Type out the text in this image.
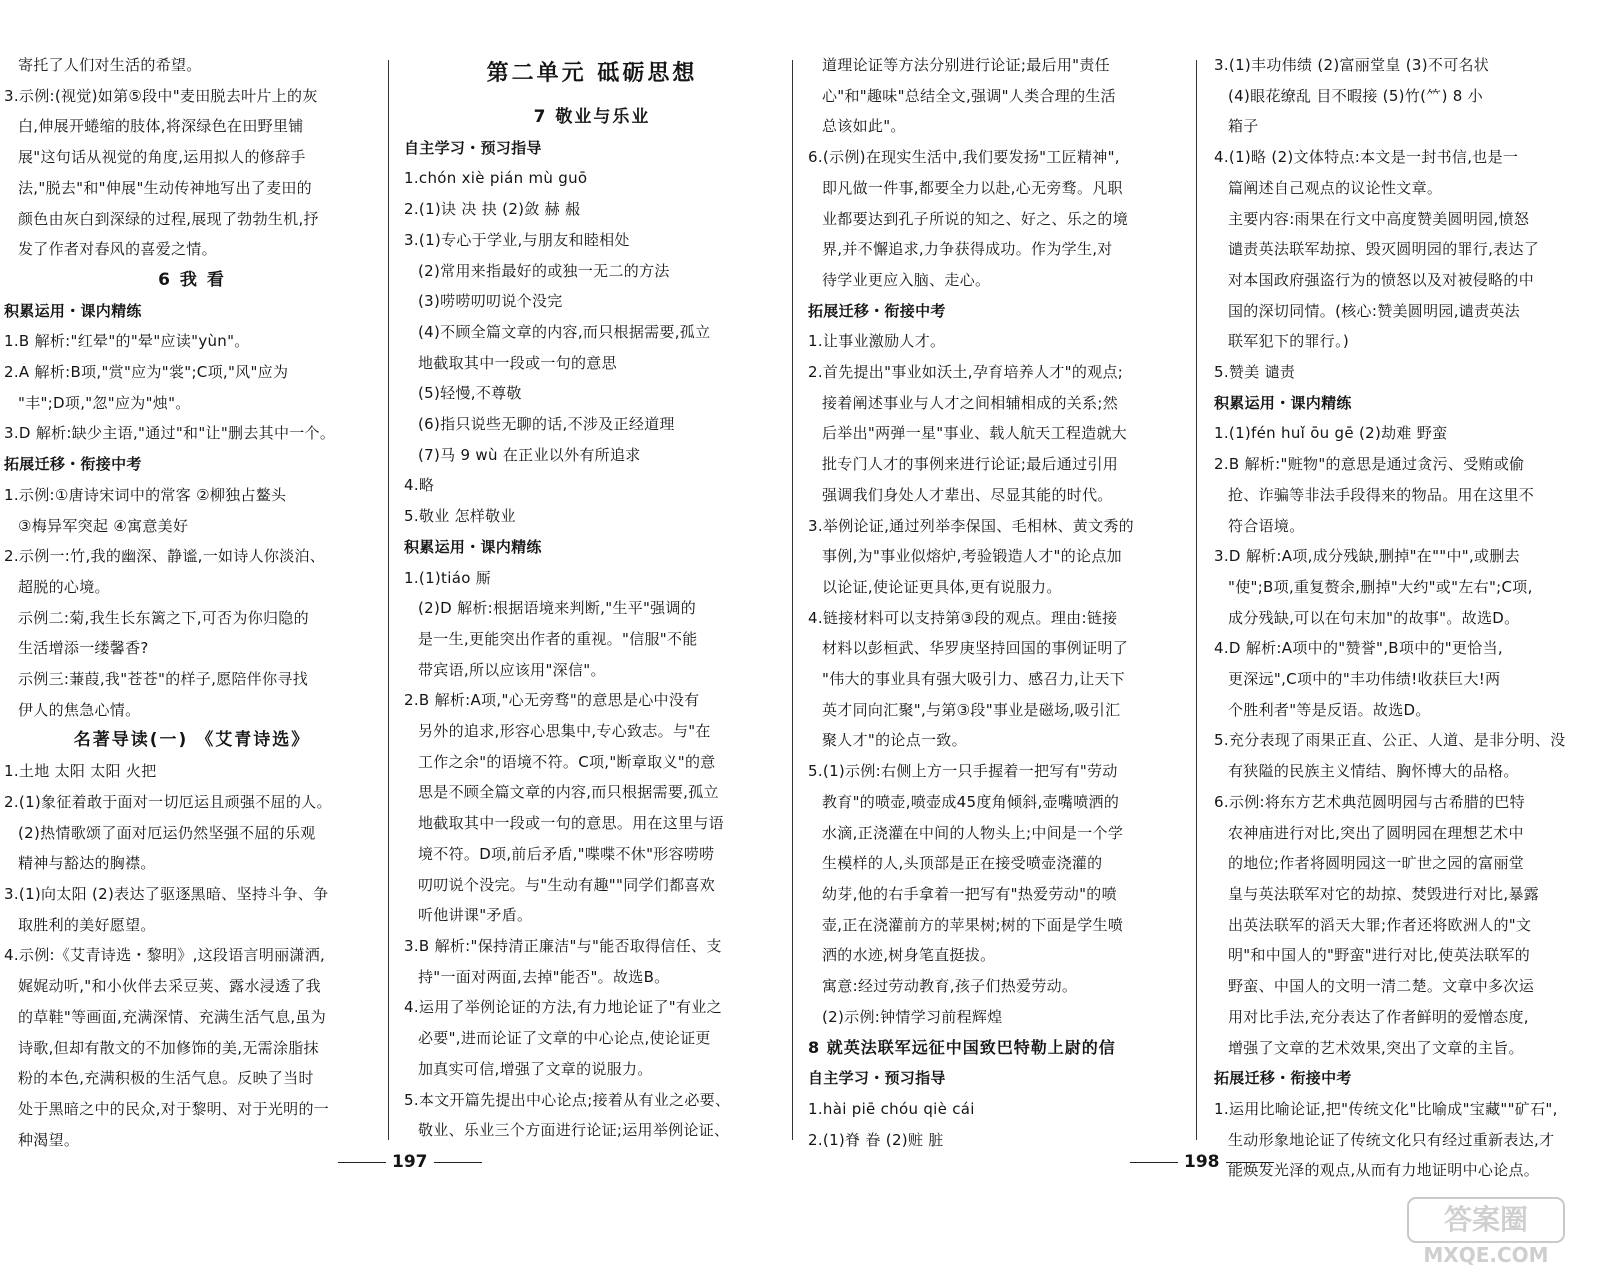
寄托了人们对生活的希望。
3.示例:(视觉)如第⑤段中"麦田脱去叶片上的灰
白,伸展开蜷缩的肢体,将深绿色在田野里铺
展"这句话从视觉的角度,运用拟人的修辞手
法,"脱去"和"伸展"生动传神地写出了麦田的
颜色由灰白到深绿的过程,展现了勃勃生机,抒
发了作者对春风的喜爱之情。
6 我 看
积累运用・课内精练
1.B 解析:"红晕"的"晕"应读"yùn"。
2.A 解析:B项,"赏"应为"裳";C项,"风"应为
"丰";D项,"忽"应为"烛"。
3.D 解析:缺少主语,"通过"和"让"删去其中一个。
拓展迁移・衔接中考
1.示例:①唐诗宋词中的常客 ②柳独占鳌头
③梅异军突起 ④寓意美好
2.示例一:竹,我的幽深、静谧,一如诗人你淡泊、
超脱的心境。
示例二:菊,我生长东篱之下,可否为你归隐的
生活增添一缕馨香?
示例三:蒹葭,我"苍苍"的样子,愿陪伴你寻找
伊人的焦急心情。
名著导读(一) 《艾青诗选》
1.土地 太阳 太阳 火把
2.(1)象征着敢于面对一切厄运且顽强不屈的人。
(2)热情歌颂了面对厄运仍然坚强不屈的乐观
精神与豁达的胸襟。
3.(1)向太阳 (2)表达了驱逐黑暗、坚持斗争、争
取胜利的美好愿望。
4.示例:《艾青诗选・黎明》,这段语言明丽潇洒,
娓娓动听,"和小伙伴去采豆荚、露水浸透了我
的草鞋"等画面,充满深情、充满生活气息,虽为
诗歌,但却有散文的不加修饰的美,无需涂脂抹
粉的本色,充满积极的生活气息。反映了当时
处于黑暗之中的民众,对于黎明、对于光明的一
种渴望。
第二单元 砥砺思想
7 敬业与乐业
自主学习・预习指导
1.chón xiè pián mù guō
2.(1)诀 决 抉 (2)敛 赫 赧
3.(1)专心于学业,与朋友和睦相处
(2)常用来指最好的或独一无二的方法
(3)唠唠叨叨说个没完
(4)不顾全篇文章的内容,而只根据需要,孤立
地截取其中一段或一句的意思
(5)轻慢,不尊敬
(6)指只说些无聊的话,不涉及正经道理
(7)马 9 wù 在正业以外有所追求
4.略
5.敬业 怎样敬业
积累运用・课内精练
1.(1)tiáo 厮
(2)D 解析:根据语境来判断,"生平"强调的
是一生,更能突出作者的重视。"信服"不能
带宾语,所以应该用"深信"。
2.B 解析:A项,"心无旁骛"的意思是心中没有
另外的追求,形容心思集中,专心致志。与"在
工作之余"的语境不符。C项,"断章取义"的意
思是不顾全篇文章的内容,而只根据需要,孤立
地截取其中一段或一句的意思。用在这里与语
境不符。D项,前后矛盾,"喋喋不休"形容唠唠
叨叨说个没完。与"生动有趣""同学们都喜欢
听他讲课"矛盾。
3.B 解析:"保持清正廉洁"与"能否取得信任、支
持"一面对两面,去掉"能否"。故选B。
4.运用了举例论证的方法,有力地论证了"有业之
必要",进而论证了文章的中心论点,使论证更
加真实可信,增强了文章的说服力。
5.本文开篇先提出中心论点;接着从有业之必要、
敬业、乐业三个方面进行论证;运用举例论证、
道理论证等方法分别进行论证;最后用"责任
心"和"趣味"总结全文,强调"人类合理的生活
总该如此"。
6.(示例)在现实生活中,我们要发扬"工匠精神",
即凡做一件事,都要全力以赴,心无旁骛。凡职
业都要达到孔子所说的知之、好之、乐之的境
界,并不懈追求,力争获得成功。作为学生,对
待学业更应入脑、走心。
拓展迁移・衔接中考
1.让事业激励人才。
2.首先提出"事业如沃土,孕育培养人才"的观点;
接着阐述事业与人才之间相辅相成的关系;然
后举出"两弹一星"事业、载人航天工程造就大
批专门人才的事例来进行论证;最后通过引用
强调我们身处人才辈出、尽显其能的时代。
3.举例论证,通过列举李保国、毛相林、黄文秀的
事例,为"事业似熔炉,考验锻造人才"的论点加
以论证,使论证更具体,更有说服力。
4.链接材料可以支持第③段的观点。理由:链接
材料以彭桓武、华罗庚坚持回国的事例证明了
"伟大的事业具有强大吸引力、感召力,让天下
英才同向汇聚",与第③段"事业是磁场,吸引汇
聚人才"的论点一致。
5.(1)示例:右侧上方一只手握着一把写有"劳动
教育"的喷壶,喷壶成45度角倾斜,壶嘴喷洒的
水滴,正浇灌在中间的人物头上;中间是一个学
生模样的人,头顶部是正在接受喷壶浇灌的
幼芽,他的右手拿着一把写有"热爱劳动"的喷
壶,正在浇灌前方的苹果树;树的下面是学生喷
洒的水迹,树身笔直挺拔。
寓意:经过劳动教育,孩子们热爱劳动。
(2)示例:钟情学习前程辉煌
8 就英法联军远征中国致巴特勒上尉的信
自主学习・预习指导
1.hài piē chóu qiè cái
2.(1)脊 眷 (2)赃 脏
3.(1)丰功伟绩 (2)富丽堂皇 (3)不可名状
(4)眼花缭乱 目不暇接 (5)竹(⺮) 8 小
箱子
4.(1)略 (2)文体特点:本文是一封书信,也是一
篇阐述自己观点的议论性文章。
主要内容:雨果在行文中高度赞美圆明园,愤怒
谴责英法联军劫掠、毁灭圆明园的罪行,表达了
对本国政府强盗行为的愤怒以及对被侵略的中
国的深切同情。(核心:赞美圆明园,谴责英法
联军犯下的罪行。)
5.赞美 谴责
积累运用・课内精练
1.(1)fén huǐ ōu gē (2)劫难 野蛮
2.B 解析:"赃物"的意思是通过贪污、受贿或偷
抢、诈骗等非法手段得来的物品。用在这里不
符合语境。
3.D 解析:A项,成分残缺,删掉"在""中",或删去
"使";B项,重复赘余,删掉"大约"或"左右";C项,
成分残缺,可以在句末加"的故事"。故选D。
4.D 解析:A项中的"赞誉",B项中的"更恰当,
更深远",C项中的"丰功伟绩!收获巨大!两
个胜利者"等是反语。故选D。
5.充分表现了雨果正直、公正、人道、是非分明、没
有狭隘的民族主义情结、胸怀博大的品格。
6.示例:将东方艺术典范圆明园与古希腊的巴特
农神庙进行对比,突出了圆明园在理想艺术中
的地位;作者将圆明园这一旷世之园的富丽堂
皇与英法联军对它的劫掠、焚毁进行对比,暴露
出英法联军的滔天大罪;作者还将欧洲人的"文
明"和中国人的"野蛮"进行对比,使英法联军的
野蛮、中国人的文明一清二楚。文章中多次运
用对比手法,充分表达了作者鲜明的爱憎态度,
增强了文章的艺术效果,突出了文章的主旨。
拓展迁移・衔接中考
1.运用比喻论证,把"传统文化"比喻成"宝藏""矿石",
生动形象地论证了传统文化只有经过重新表达,才
能焕发光泽的观点,从而有力地证明中心论点。
197	198
答案圈
MXQE.COM
